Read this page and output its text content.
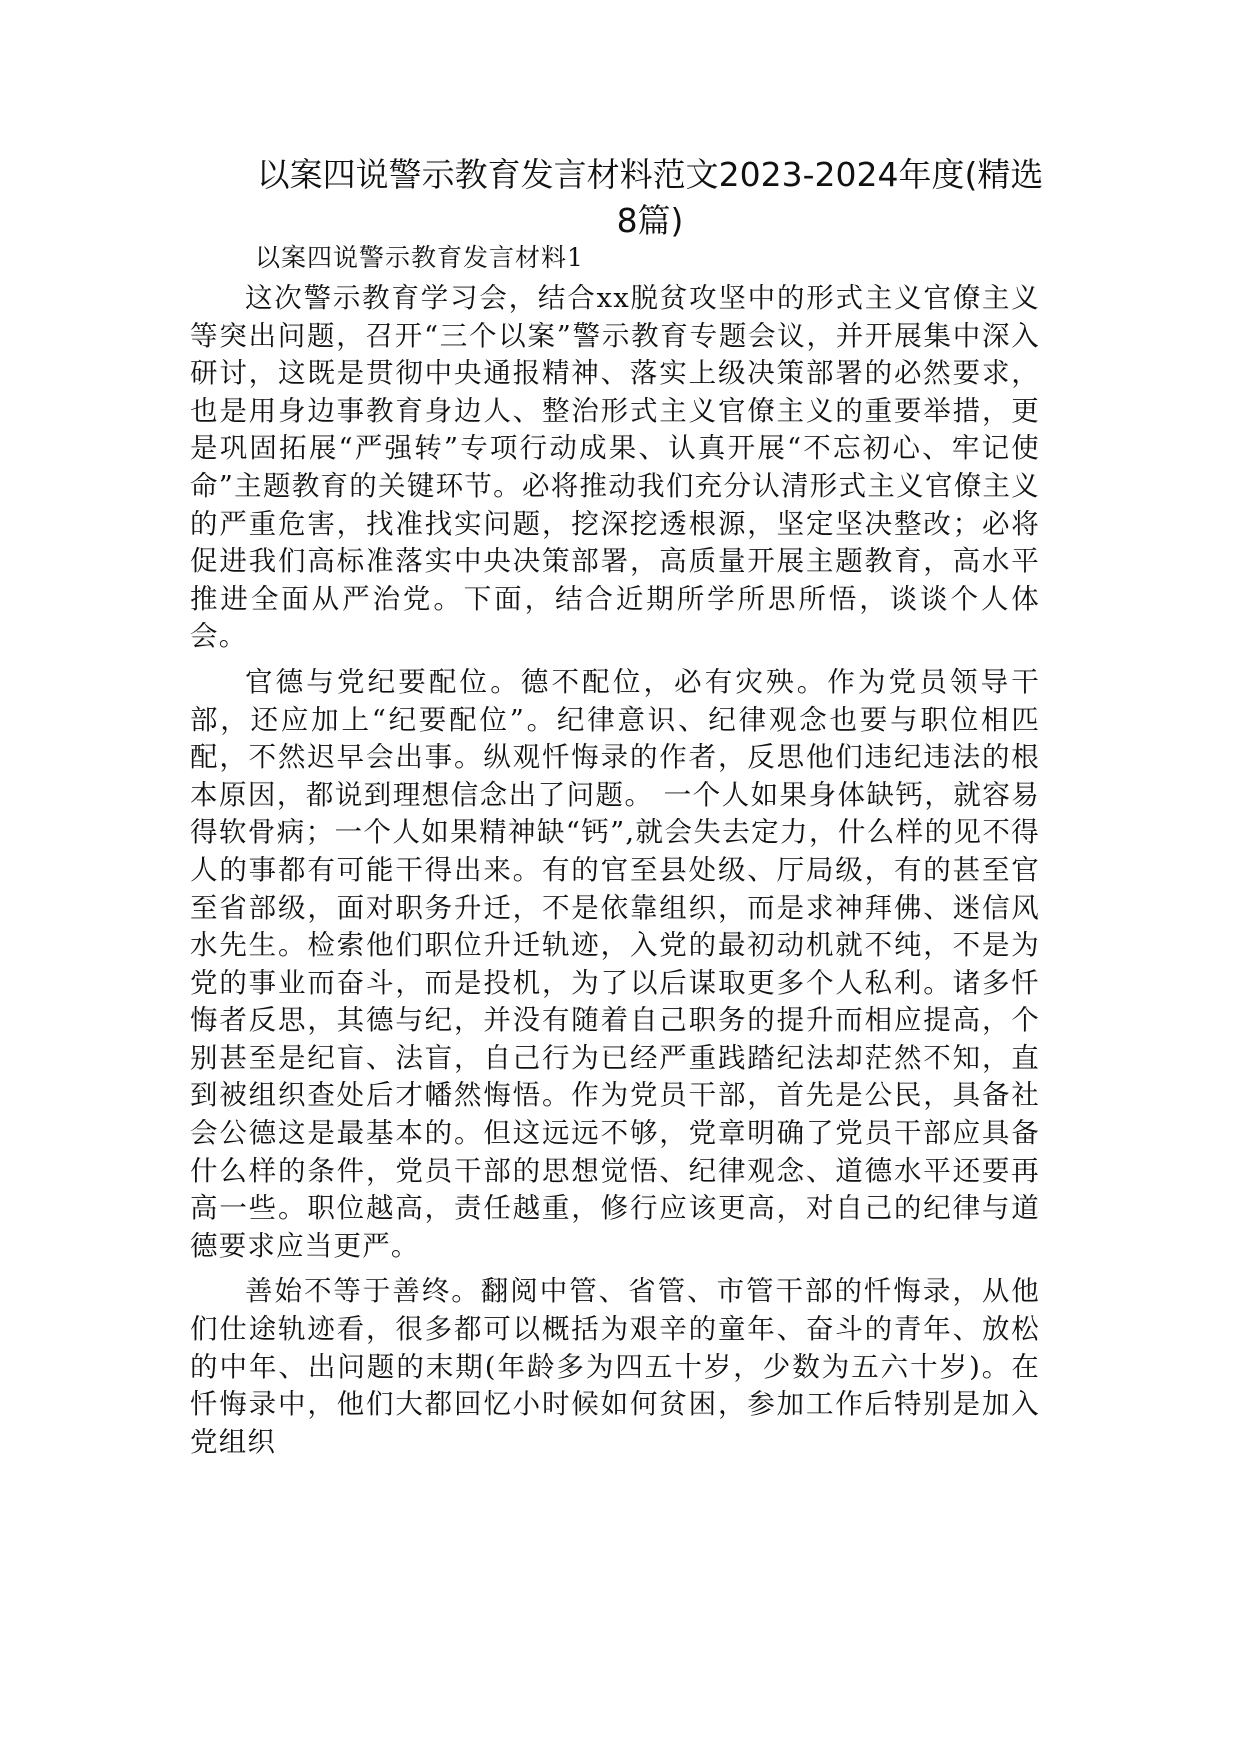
以案四说警示教育发言材料范文2023-2024年度(精选 8篇)
以案四说警示教育发言材料1

这次警示教育学习会，结合xx脱贫攻坚中的形式主义官僚主义等突出问题，召开“三个以案”警示教育专题会议，并开展集中深入研讨，这既是贯彻中央通报精神、落实上级决策部署的必然要求，也是用身边事教育身边人、整治形式主义官僚主义的重要举措，更是巩固拓展“严强转”专项行动成果、认真开展“不忘初心、牢记使命”主题教育的关键环节。必将推动我们充分认清形式主义官僚主义的严重危害，找准找实问题，挖深挖透根源，坚定坚决整改；必将促进我们高标准落实中央决策部署，高质量开展主题教育，高水平推进全面从严治党。下面，结合近期所学所思所悟，谈谈个人体会。

官德与党纪要配位。德不配位，必有灾殃。作为党员领导干部，还应加上“纪要配位”。纪律意识、纪律观念也要与职位相匹配，不然迟早会出事。纵观忏悔录的作者，反思他们违纪违法的根本原因，都说到理想信念出了问题。 一个人如果身体缺钙，就容易得软骨病；一个人如果精神缺“钙”,就会失去定力，什么样的见不得人的事都有可能干得出来。有的官至县处级、厅局级，有的甚至官至省部级，面对职务升迁，不是依靠组织，而是求神拜佛、迷信风水先生。检索他们职位升迁轨迹，入党的最初动机就不纯，不是为党的事业而奋斗，而是投机，为了以后谋取更多个人私利。诸多忏悔者反思，其德与纪，并没有随着自己职务的提升而相应提高，个别甚至是纪盲、法盲，自己行为已经严重践踏纪法却茫然不知，直到被组织查处后才幡然悔悟。作为党员干部，首先是公民，具备社会公德这是最基本的。但这远远不够，党章明确了党员干部应具备什么样的条件，党员干部的思想觉悟、纪律观念、道德水平还要再高一些。职位越高，责任越重，修行应该更高，对自己的纪律与道德要求应当更严。

善始不等于善终。翻阅中管、省管、市管干部的忏悔录，从他们仕途轨迹看，很多都可以概括为艰辛的童年、奋斗的青年、放松的中年、出问题的末期(年龄多为四五十岁，少数为五六十岁)。在忏悔录中，他们大都回忆小时候如何贫困，参加工作后特别是加入党组织
